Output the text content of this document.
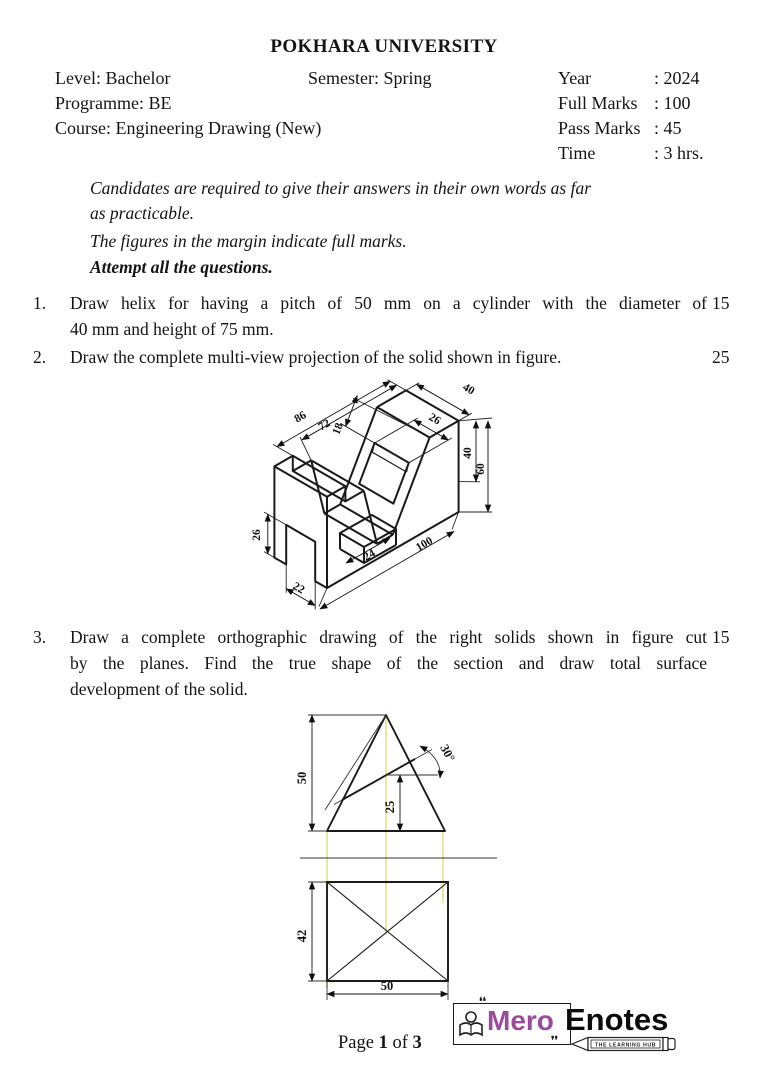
POKHARA UNIVERSITY
Level: Bachelor	Semester: Spring
Programme: BE
Course: Engineering Drawing (New)
Year	: 2024
Full Marks : 100
Pass Marks : 45
Time	: 3 hrs.
Candidates are required to give their answers in their own words as far
as practicable.
The figures in the margin indicate full marks.
Attempt all the questions.
1. Draw helix for having a pitch of 50 mm on a cylinder with the diameter of
40 mm and height of 75 mm.
15
2. Draw the complete multi-view projection of the solid shown in figure.	25
86 72
40
26
18
40
60
26
22
100
24
3. Draw a complete orthographic drawing of the right solids shown in figure cut
by the planes. Find the true shape of the section and draw total surface
development of the solid.
15
50
25
30°
42
50
Page 1 of 3
❛❛
Mero Enotes
❜❜	THE LEARNING HUB
